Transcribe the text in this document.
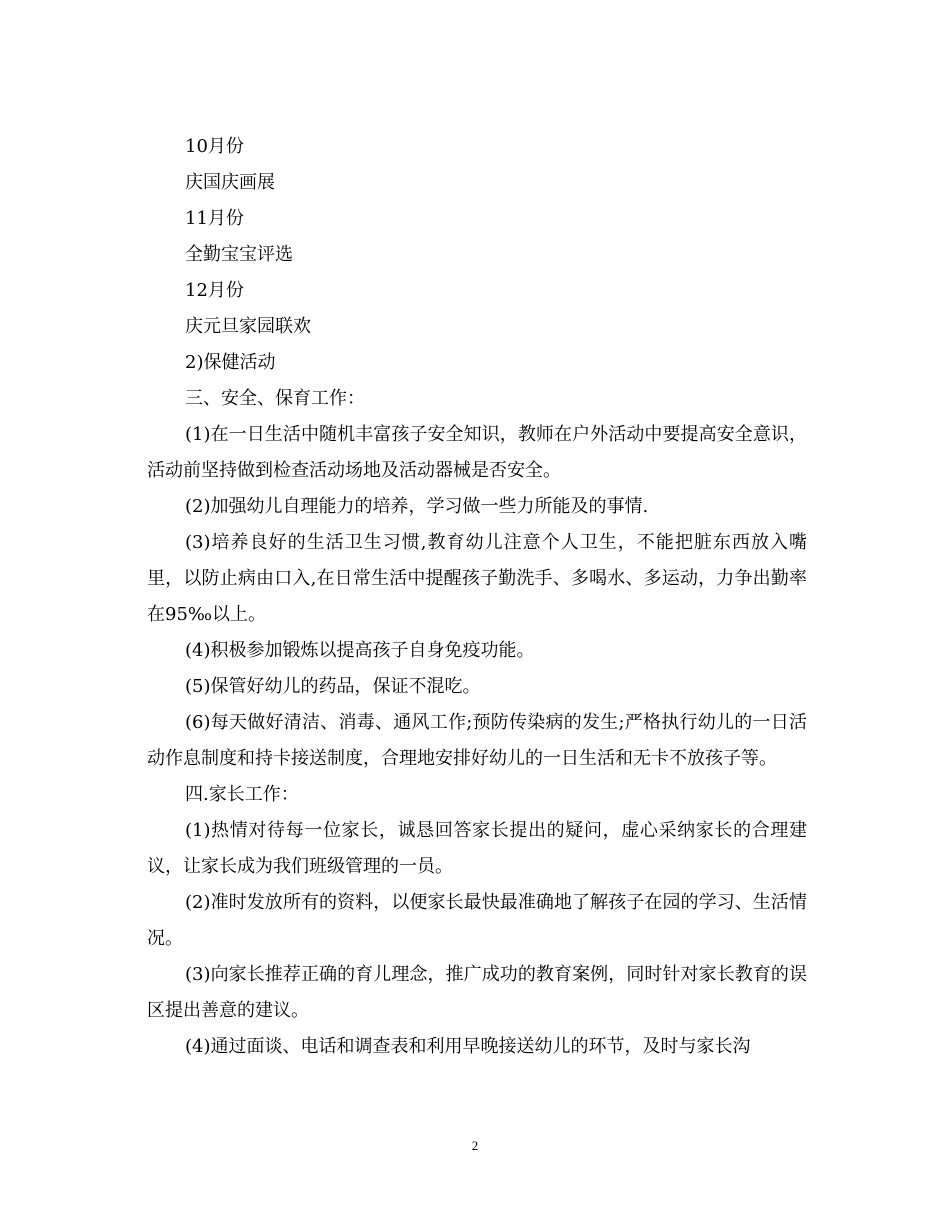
10月份
庆国庆画展
11月份
全勤宝宝评选
12月份
庆元旦家园联欢
2)保健活动
三、安全、保育工作：
(1)在一日生活中随机丰富孩子安全知识，教师在户外活动中要提高安全意识，活动前坚持做到检查活动场地及活动器械是否安全。
(2)加强幼儿自理能力的培养，学习做一些力所能及的事情.
(3)培养良好的生活卫生习惯,教育幼儿注意个人卫生，不能把脏东西放入嘴里，以防止病由口入,在日常生活中提醒孩子勤洗手、多喝水、多运动，力争出勤率在95‰以上。
(4)积极参加锻炼以提高孩子自身免疫功能。
(5)保管好幼儿的药品，保证不混吃。
(6)每天做好清洁、消毒、通风工作;预防传染病的发生;严格执行幼儿的一日活动作息制度和持卡接送制度，合理地安排好幼儿的一日生活和无卡不放孩子等。
四.家长工作：
(1)热情对待每一位家长，诚恳回答家长提出的疑问，虚心采纳家长的合理建议，让家长成为我们班级管理的一员。
(2)准时发放所有的资料，以便家长最快最准确地了解孩子在园的学习、生活情况。
(3)向家长推荐正确的育儿理念，推广成功的教育案例，同时针对家长教育的误区提出善意的建议。
(4)通过面谈、电话和调查表和利用早晚接送幼儿的环节，及时与家长沟
2
